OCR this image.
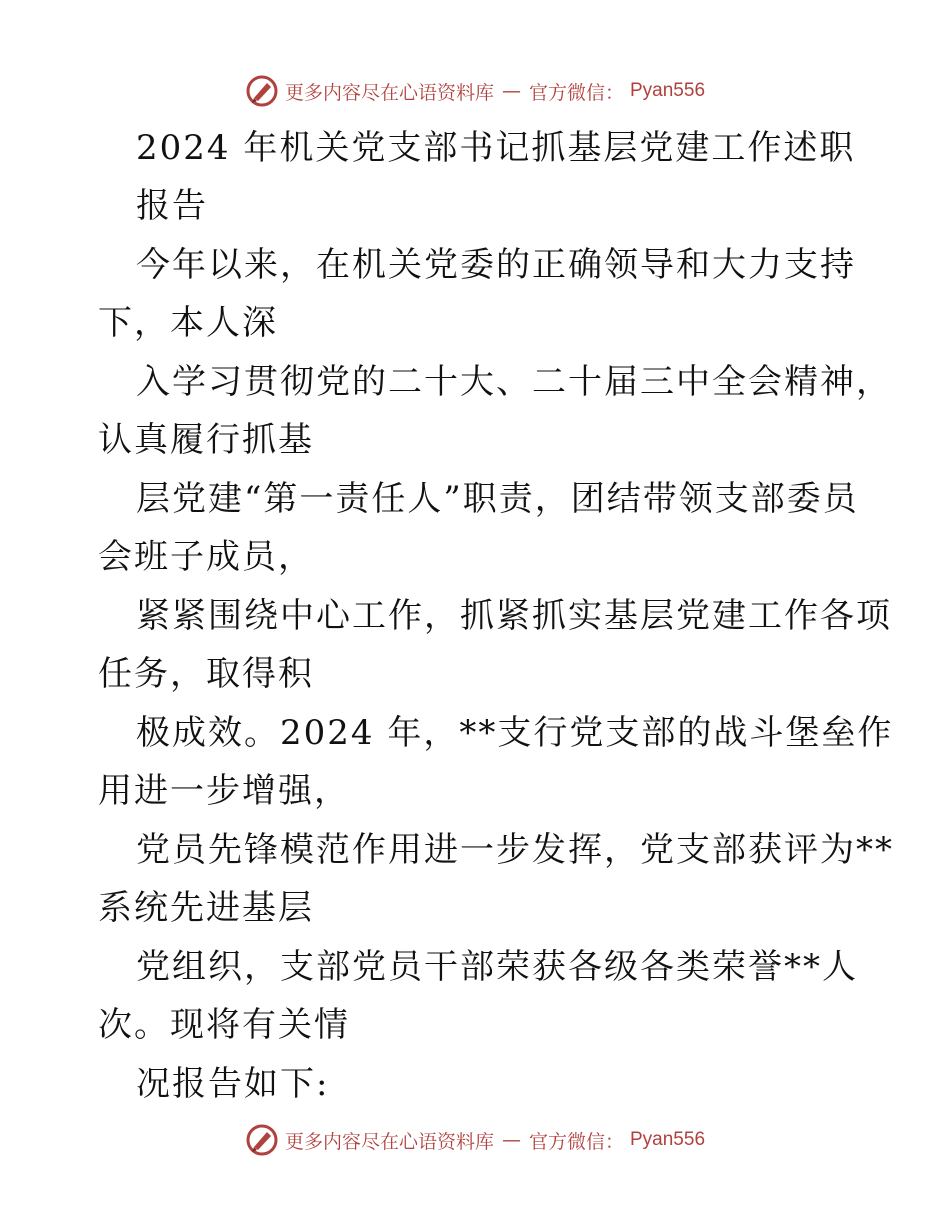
更多内容尽在心语资料库 — 官方微信： Pyan556
2024 年机关党支部书记抓基层党建工作述职
报告
今年以来，在机关党委的正确领导和大力支持
下，本人深
入学习贯彻党的二十大、二十届三中全会精神，
认真履行抓基
层党建“第一责任人”职责，团结带领支部委员
会班子成员，
紧紧围绕中心工作，抓紧抓实基层党建工作各项
任务，取得积
极成效。2024 年，**支行党支部的战斗堡垒作
用进一步增强，
党员先锋模范作用进一步发挥，党支部获评为**
系统先进基层
党组织，支部党员干部荣获各级各类荣誉**人
次。现将有关情
况报告如下:
更多内容尽在心语资料库 — 官方微信： Pyan556
